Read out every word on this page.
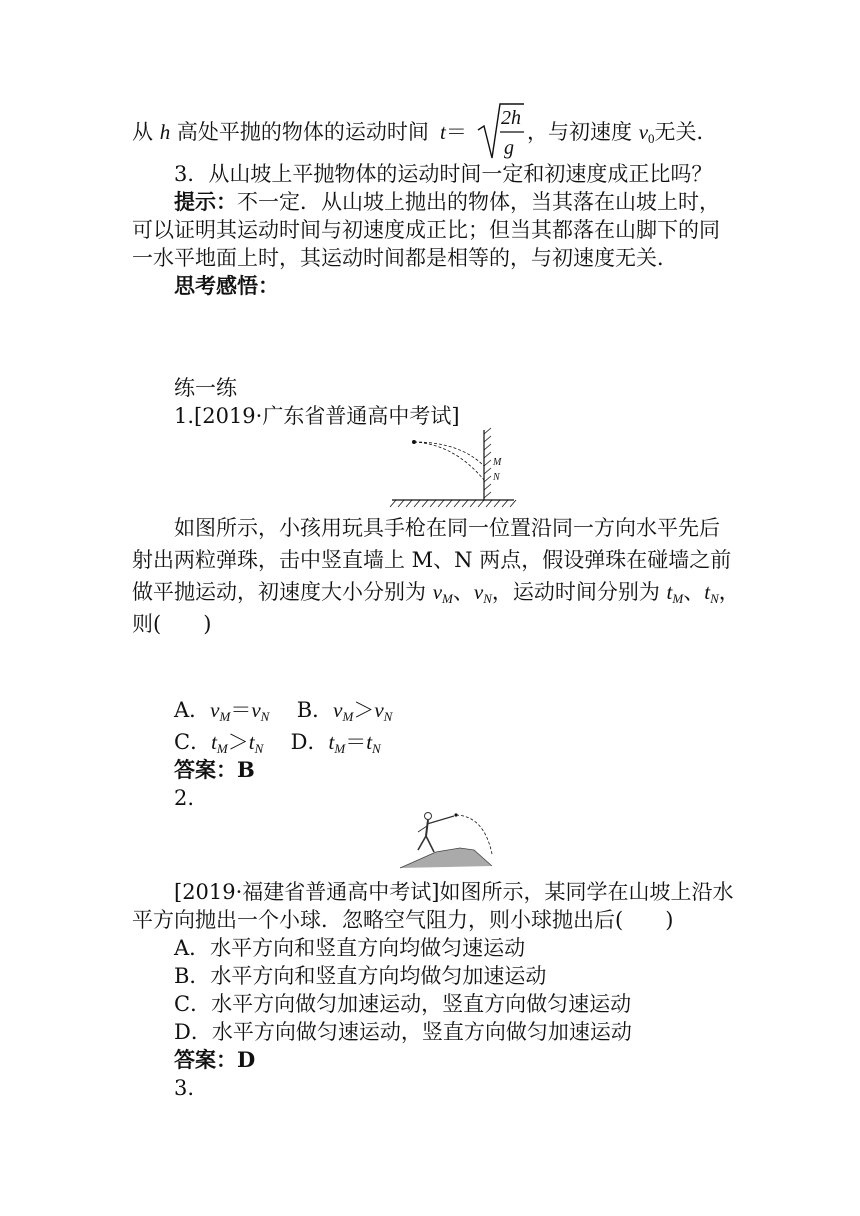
从 h 高处平抛的物体的运动时间 t＝
2h
g
，与初速度 $v_0$无关．
3．从山坡上平抛物体的运动时间一定和初速度成正比吗？
提示：不一定．从山坡上抛出的物体，当其落在山坡上时，
可以证明其运动时间与初速度成正比；但当其都落在山脚下的同
一水平地面上时，其运动时间都是相等的，与初速度无关．
思考感悟：
练一练
1.[2019·广东省普通高中考试]
M
N
如图所示，小孩用玩具手枪在同一位置沿同一方向水平先后
射出两粒弹珠，击中竖直墙上 M、N 两点，假设弹珠在碰墙之前
做平抛运动，初速度大小分别为 $v_M$、$v_N$，运动时间分别为 $t_M$、$t_N$，
则(　　)
A．$v_M=v_N$ B．$v_M>v_N$
C．$t_M>t_N$ D．$t_M=t_N$
答案：B
2.
[2019·福建省普通高中考试]如图所示，某同学在山坡上沿水
平方向抛出一个小球．忽略空气阻力，则小球抛出后(　　)
A．水平方向和竖直方向均做匀速运动
B．水平方向和竖直方向均做匀加速运动
C．水平方向做匀加速运动，竖直方向做匀速运动
D．水平方向做匀速运动，竖直方向做匀加速运动
答案：D
3.
